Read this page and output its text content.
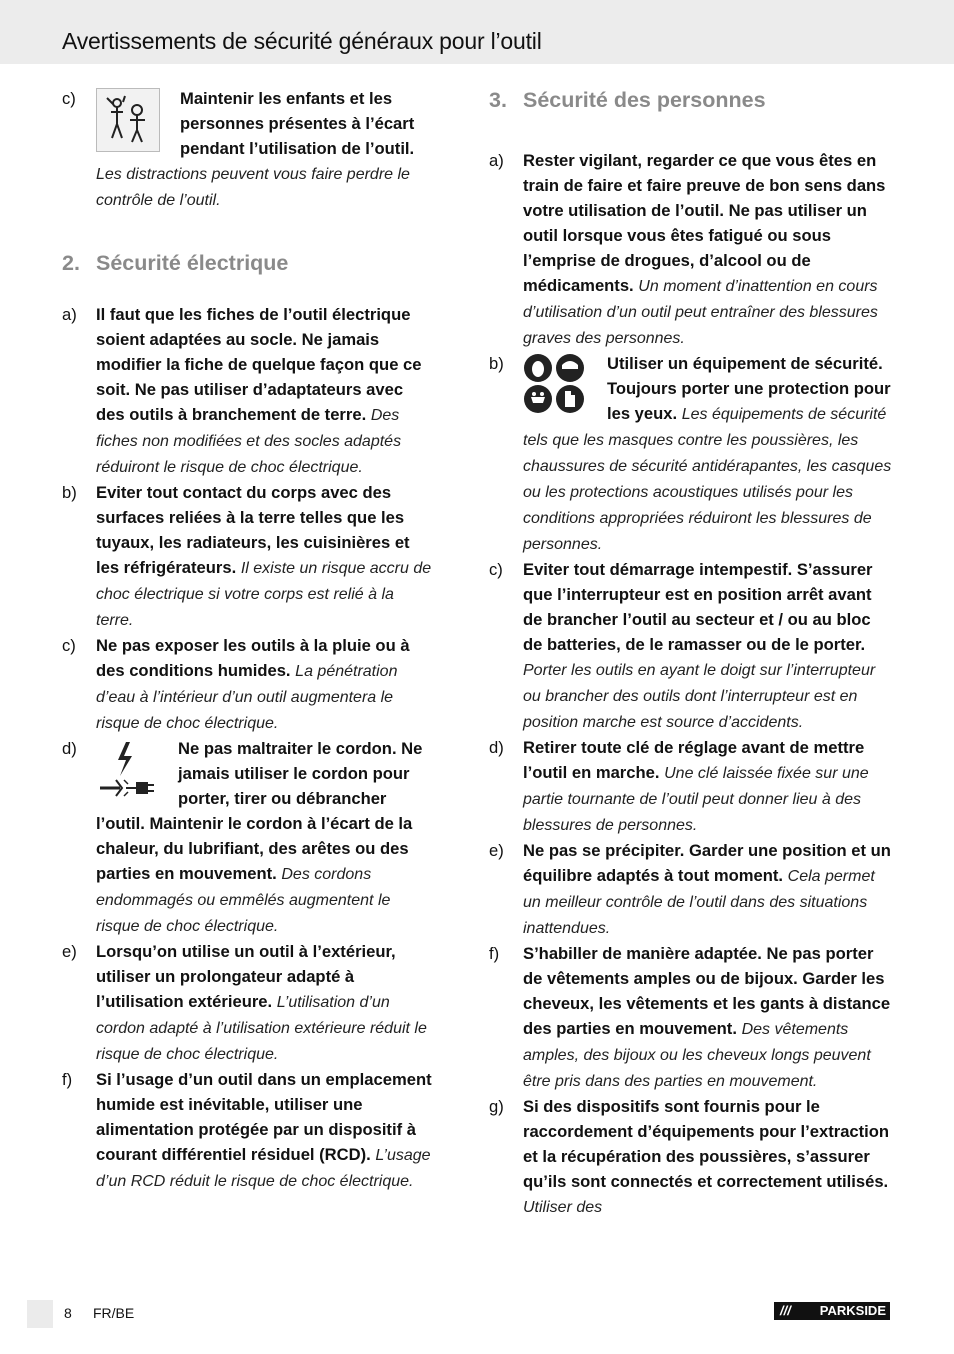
Avertissements de sécurité généraux pour l’outil
c)	Maintenir les enfants et les personnes présentes à l’écart pendant l’utilisation de l’outil. Les distractions peuvent vous faire perdre le contrôle de l’outil.
2. Sécurité électrique
a) Il faut que les fiches de l’outil électrique soient adaptées au socle. Ne jamais modifier la fiche de quelque façon que ce soit. Ne pas utiliser d’adaptateurs avec des outils à branchement de terre. Des fiches non modifiées et des socles adaptés réduiront le risque de choc électrique.
b) Eviter tout contact du corps avec des surfaces reliées à la terre telles que les tuyaux, les radiateurs, les cuisinières et les réfrigérateurs. Il existe un risque accru de choc électrique si votre corps est relié à la terre.
c) Ne pas exposer les outils à la pluie ou à des conditions humides. La pénétration d’eau à l’intérieur d’un outil augmentera le risque de choc électrique.
d)	Ne pas maltraiter le cordon. Ne jamais utiliser le cordon pour porter, tirer ou débrancher l’outil. Maintenir le cordon à l’écart de la chaleur, du lubrifiant, des arêtes ou des parties en mouvement. Des cordons endommagés ou emmêlés augmentent le risque de choc électrique.
e) Lorsqu’on utilise un outil à l’extérieur, utiliser un prolongateur adapté à l’utilisation extérieure. L’utilisation d’un cordon adapté à l’utilisation extérieure réduit le risque de choc électrique.
f) Si l’usage d’un outil dans un emplacement humide est inévitable, utiliser une alimentation protégée par un dispositif à courant différentiel résiduel (RCD). L’usage d’un RCD réduit le risque de choc électrique.
3. Sécurité des personnes
a) Rester vigilant, regarder ce que vous êtes en train de faire et faire preuve de bon sens dans votre utilisation de l’outil. Ne pas utiliser un outil lorsque vous êtes fatigué ou sous l’emprise de drogues, d’alcool ou de médicaments. Un moment d’inattention en cours d’utilisation d’un outil peut entraîner des blessures graves des personnes.
b)	Utiliser un équipement de sécurité. Toujours porter une protection pour les yeux. Les équipements de sécurité tels que les masques contre les poussières, les chaussures de sécurité antidérapantes, les casques ou les protections acoustiques utilisés pour les conditions appropriées réduiront les blessures de personnes.
c) Eviter tout démarrage intempestif. S’assurer que l’interrupteur est en position arrêt avant de brancher l’outil au secteur et / ou au bloc de batteries, de le ramasser ou de le porter. Porter les outils en ayant le doigt sur l’interrupteur ou brancher des outils dont l’interrupteur est en position marche est source d’accidents.
d) Retirer toute clé de réglage avant de mettre l’outil en marche. Une clé laissée fixée sur une partie tournante de l’outil peut donner lieu à des blessures de personnes.
e) Ne pas se précipiter. Garder une position et un équilibre adaptés à tout moment. Cela permet un meilleur contrôle de l’outil dans des situations inattendues.
f) S’habiller de manière adaptée. Ne pas porter de vêtements amples ou de bijoux. Garder les cheveux, les vêtements et les gants à distance des parties en mouvement. Des vêtements amples, des bijoux ou les cheveux longs peuvent être pris dans des parties en mouvement.
g) Si des dispositifs sont fournis pour le raccordement d’équipements pour l’extraction et la récupération des poussières, s’assurer qu’ils sont connectés et correctement utilisés. Utiliser des
8 FR/BE	/// PARKSIDE
